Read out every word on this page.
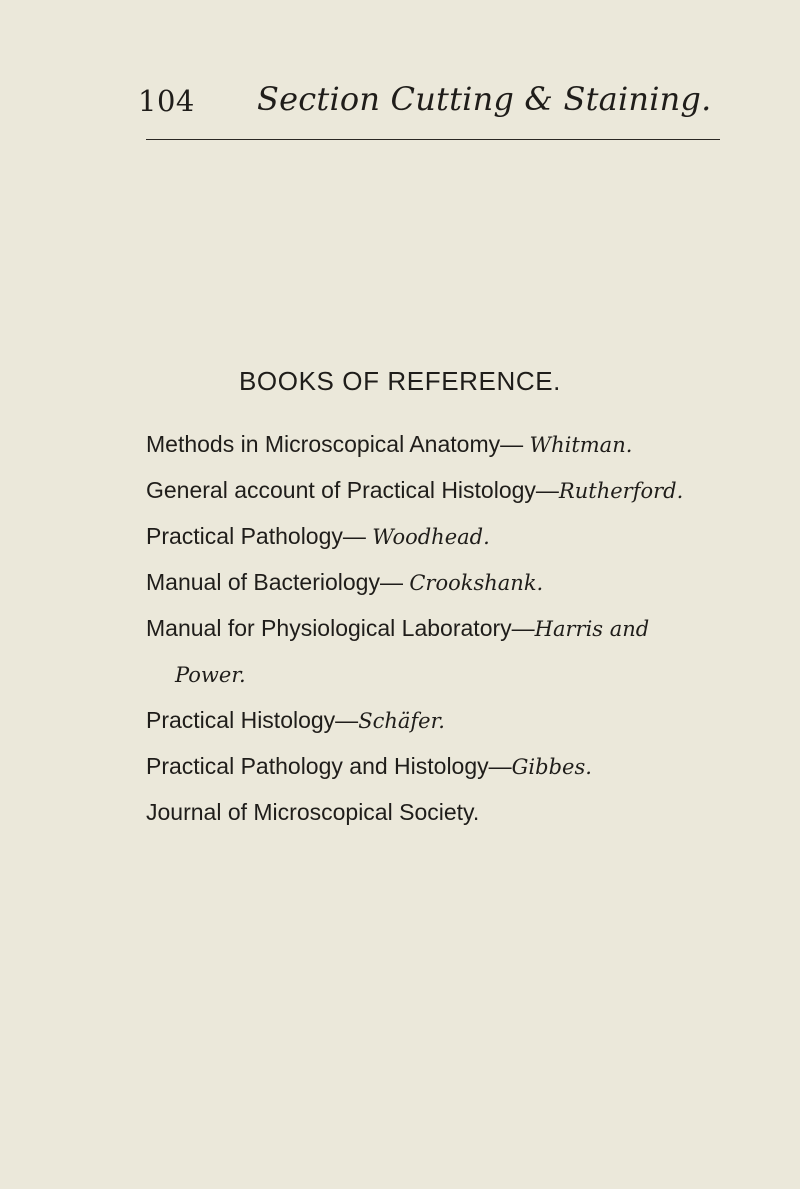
104 Section Cutting & Staining.
BOOKS OF REFERENCE.
Methods in Microscopical Anatomy— Whitman.
General account of Practical Histology—Rutherford.
Practical Pathology— Woodhead.
Manual of Bacteriology— Crookshank.
Manual for Physiological Laboratory—Harris and
Power.
Practical Histology—Schäfer.
Practical Pathology and Histology—Gibbes.
Journal of Microscopical Society.
